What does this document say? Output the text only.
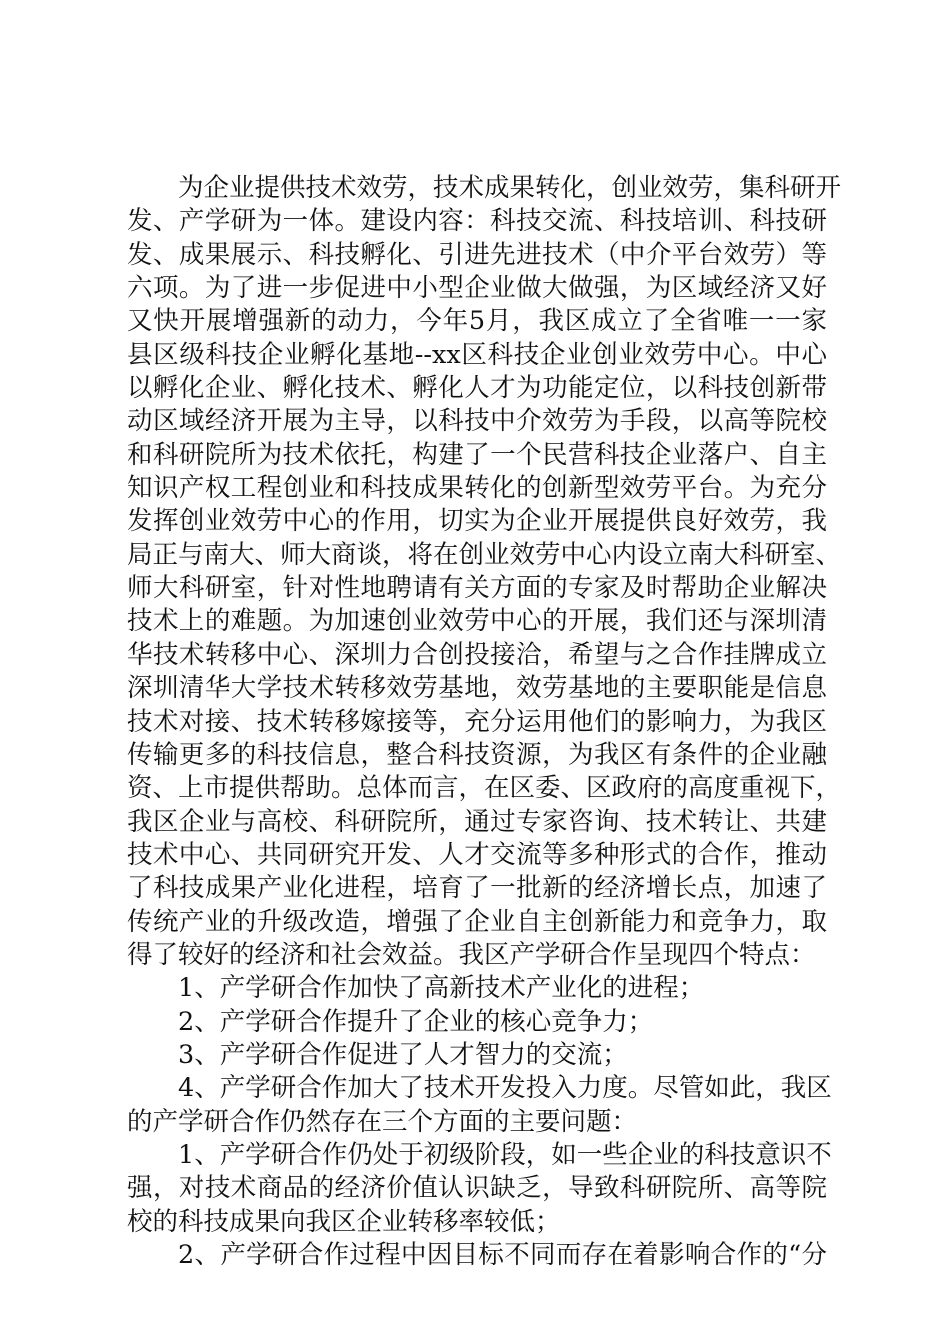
为企业提供技术效劳，技术成果转化，创业效劳，集科研开
发、产学研为一体。建设内容：科技交流、科技培训、科技研
发、成果展示、科技孵化、引进先进技术（中介平台效劳）等
六项。为了进一步促进中小型企业做大做强，为区域经济又好
又快开展增强新的动力，今年5月，我区成立了全省唯一一家
县区级科技企业孵化基地--xx区科技企业创业效劳中心。中心
以孵化企业、孵化技术、孵化人才为功能定位，以科技创新带
动区域经济开展为主导，以科技中介效劳为手段，以高等院校
和科研院所为技术依托，构建了一个民营科技企业落户、自主
知识产权工程创业和科技成果转化的创新型效劳平台。为充分
发挥创业效劳中心的作用，切实为企业开展提供良好效劳，我
局正与南大、师大商谈，将在创业效劳中心内设立南大科研室、
师大科研室，针对性地聘请有关方面的专家及时帮助企业解决
技术上的难题。为加速创业效劳中心的开展，我们还与深圳清
华技术转移中心、深圳力合创投接洽，希望与之合作挂牌成立
深圳清华大学技术转移效劳基地，效劳基地的主要职能是信息
技术对接、技术转移嫁接等，充分运用他们的影响力，为我区
传输更多的科技信息，整合科技资源，为我区有条件的企业融
资、上市提供帮助。总体而言，在区委、区政府的高度重视下，
我区企业与高校、科研院所，通过专家咨询、技术转让、共建
技术中心、共同研究开发、人才交流等多种形式的合作，推动
了科技成果产业化进程，培育了一批新的经济增长点，加速了
传统产业的升级改造，增强了企业自主创新能力和竞争力，取
得了较好的经济和社会效益。我区产学研合作呈现四个特点：
1、产学研合作加快了高新技术产业化的进程；
2、产学研合作提升了企业的核心竞争力；
3、产学研合作促进了人才智力的交流；
4、产学研合作加大了技术开发投入力度。尽管如此，我区
的产学研合作仍然存在三个方面的主要问题：
1、产学研合作仍处于初级阶段，如一些企业的科技意识不
强，对技术商品的经济价值认识缺乏，导致科研院所、高等院
校的科技成果向我区企业转移率较低；
2、产学研合作过程中因目标不同而存在着影响合作的“分
